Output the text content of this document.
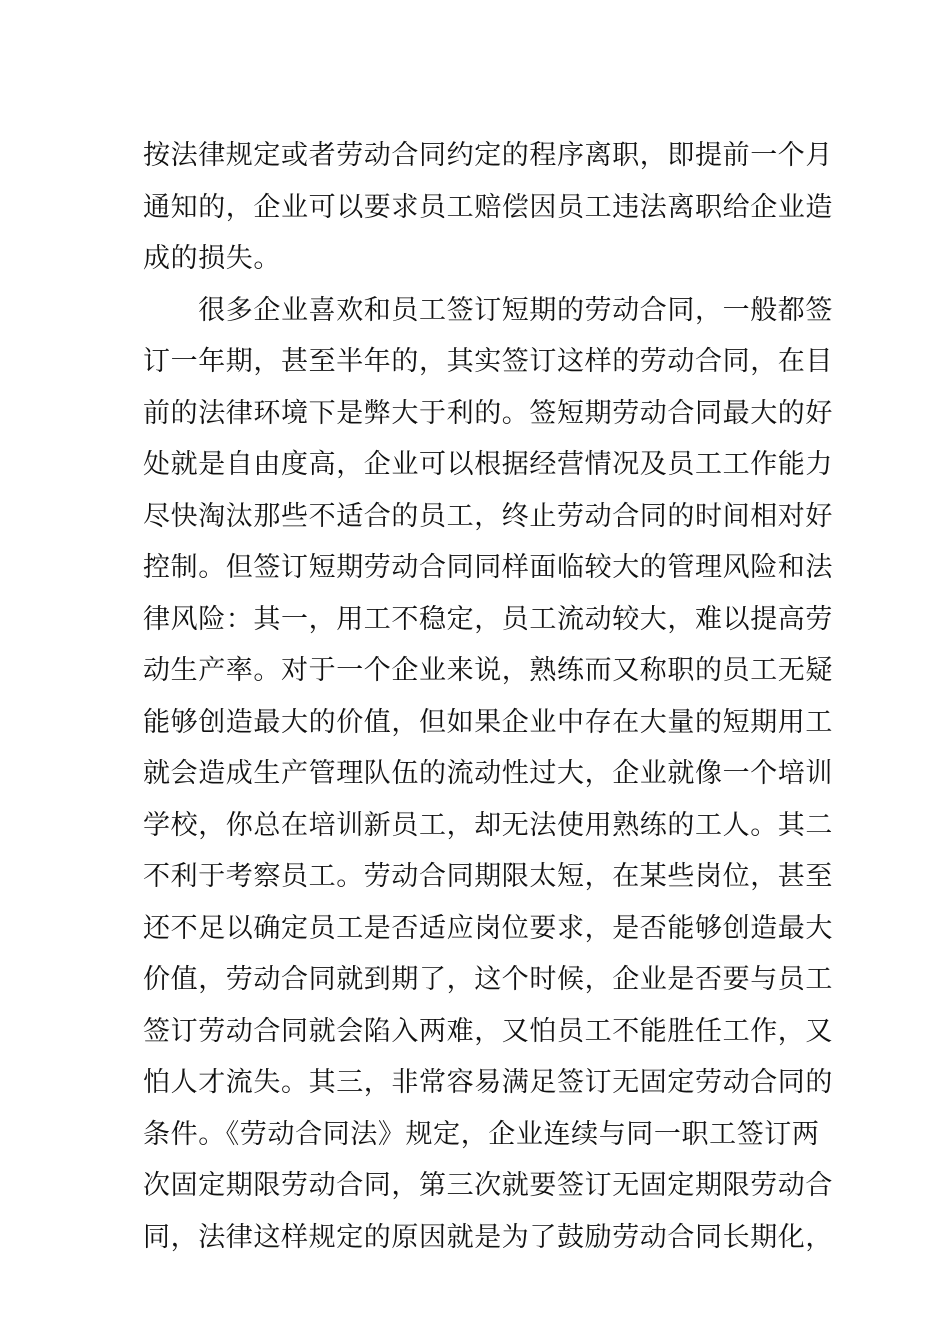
按法律规定或者劳动合同约定的程序离职，即提前一个月
通知的，企业可以要求员工赔偿因员工违法离职给企业造
成的损失。
　　很多企业喜欢和员工签订短期的劳动合同，一般都签
订一年期，甚至半年的，其实签订这样的劳动合同，在目
前的法律环境下是弊大于利的。签短期劳动合同最大的好
处就是自由度高，企业可以根据经营情况及员工工作能力
尽快淘汰那些不适合的员工，终止劳动合同的时间相对好
控制。但签订短期劳动合同同样面临较大的管理风险和法
律风险：其一，用工不稳定，员工流动较大，难以提高劳
动生产率。对于一个企业来说，熟练而又称职的员工无疑
能够创造最大的价值，但如果企业中存在大量的短期用工
就会造成生产管理队伍的流动性过大，企业就像一个培训
学校，你总在培训新员工，却无法使用熟练的工人。其二
不利于考察员工。劳动合同期限太短，在某些岗位，甚至
还不足以确定员工是否适应岗位要求，是否能够创造最大
价值，劳动合同就到期了，这个时候，企业是否要与员工
签订劳动合同就会陷入两难，又怕员工不能胜任工作，又
怕人才流失。其三，非常容易满足签订无固定劳动合同的
条件。《劳动合同法》规定，企业连续与同一职工签订两
次固定期限劳动合同，第三次就要签订无固定期限劳动合
同，法律这样规定的原因就是为了鼓励劳动合同长期化，
